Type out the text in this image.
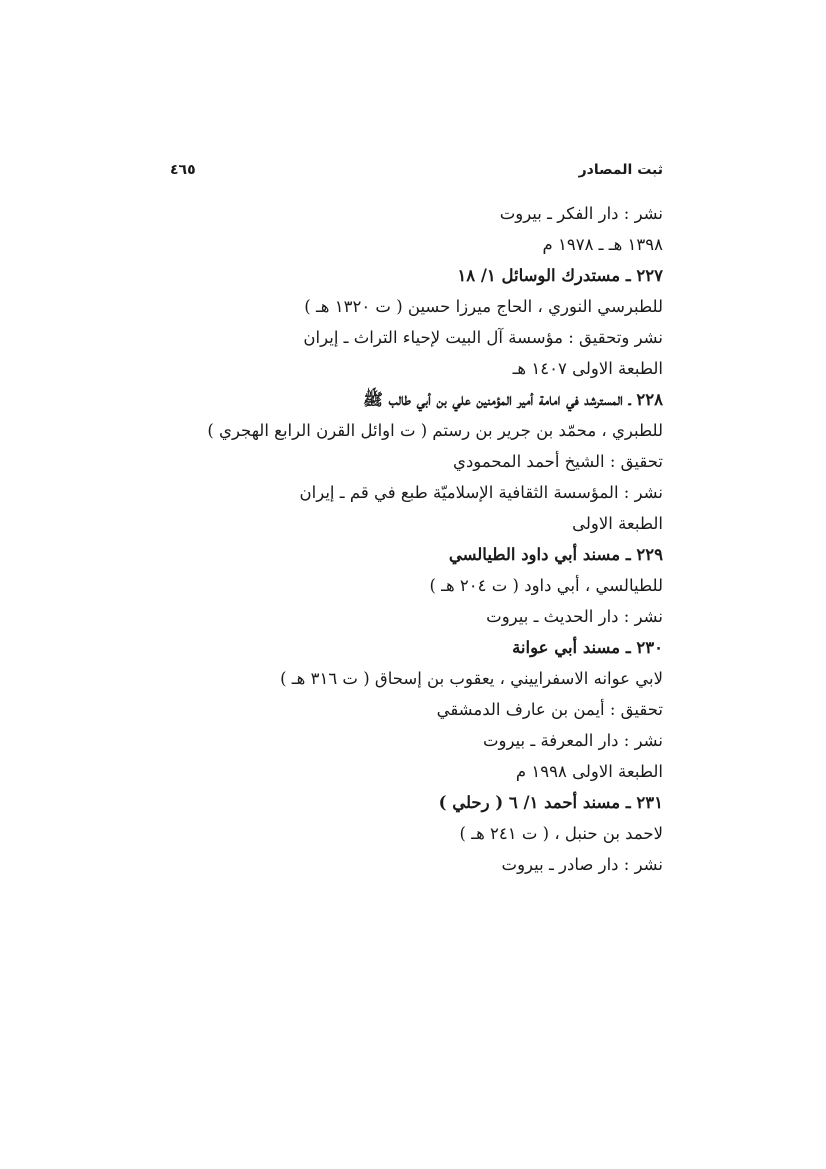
ثبت المصادر
٤٦٥
نشر : دار الفكر ـ بيروت
١٣٩٨ هـ ـ ١٩٧٨ م
٢٢٧ ـ مستدرك الوسائل ١/ ١٨
للطبرسي النوري ، الحاج ميرزا حسين ( ت ١٣٢٠ هـ )
نشر وتحقيق : مؤسسة آل البيت لإحياء التراث ـ إيران
الطبعة الاولى ١٤٠٧ هـ
٢٢٨ ـ المسترشد في امامة أمير المؤمنين علي بن أبي طالب ﷺ
للطبري ، محمّد بن جرير بن رستم ( ت اوائل القرن الرابع الهجري )
تحقيق : الشيخ أحمد المحمودي
نشر : المؤسسة الثقافية الإسلاميّة طبع في قم ـ إيران
الطبعة الاولى
٢٢٩ ـ مسند أبي داود الطيالسي
للطيالسي ، أبي داود ( ت ٢٠٤ هـ )
نشر : دار الحديث ـ بيروت
٢٣٠ ـ مسند أبي عوانة
لابي عوانه الاسفراييني ، يعقوب بن إسحاق ( ت ٣١٦ هـ )
تحقيق : أيمن بن عارف الدمشقي
نشر : دار المعرفة ـ بيروت
الطبعة الاولى ١٩٩٨ م
٢٣١ ـ مسند أحمد ١/ ٦ ( رحلي )
لاحمد بن حنبل ، ( ت ٢٤١ هـ )
نشر : دار صادر ـ بيروت
